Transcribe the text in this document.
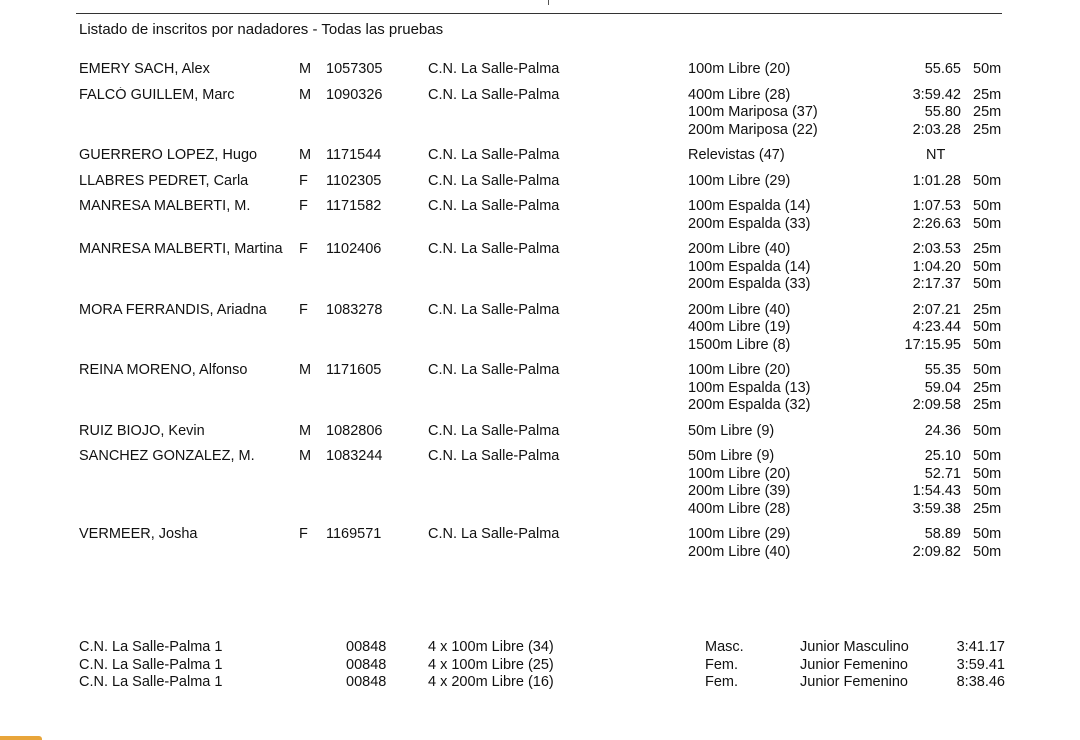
Listado de inscritos por nadadores - Todas las pruebas
EMERY SACH, Alex	M 1057305	C.N. La Salle-Palma	100m Libre (20)	55.65 50m
FALCÓ GUILLEM, Marc	M 1090326	C.N. La Salle-Palma	400m Libre (28)	3:59.42 25m
100m Mariposa (37)	55.80 25m
200m Mariposa (22)	2:03.28 25m
GUERRERO LOPEZ, Hugo	M 1171544	C.N. La Salle-Palma	Relevistas (47)	NT
LLABRES PEDRET, Carla	F 1102305	C.N. La Salle-Palma	100m Libre (29)	1:01.28 50m
MANRESA MALBERTI, M.	F 1171582	C.N. La Salle-Palma	100m Espalda (14)	1:07.53 50m
200m Espalda (33)	2:26.63 50m
MANRESA MALBERTI, Martina	F 1102406	C.N. La Salle-Palma	200m Libre (40)	2:03.53 25m
100m Espalda (14)	1:04.20 50m
200m Espalda (33)	2:17.37 50m
MORA FERRANDIS, Ariadna	F 1083278	C.N. La Salle-Palma	200m Libre (40)	2:07.21 25m
400m Libre (19)	4:23.44 50m
1500m Libre (8)	17:15.95 50m
REINA MORENO, Alfonso	M 1171605	C.N. La Salle-Palma	100m Libre (20)	55.35 50m
100m Espalda (13)	59.04 25m
200m Espalda (32)	2:09.58 25m
RUIZ BIOJO, Kevin	M 1082806	C.N. La Salle-Palma	50m Libre (9)	24.36 50m
SANCHEZ GONZALEZ, M.	M 1083244	C.N. La Salle-Palma	50m Libre (9)	25.10 50m
100m Libre (20)	52.71 50m
200m Libre (39)	1:54.43 50m
400m Libre (28)	3:59.38 25m
VERMEER, Josha	F 1169571	C.N. La Salle-Palma	100m Libre (29)	58.89 50m
200m Libre (40)	2:09.82 50m
C.N. La Salle-Palma 1	00848	4 x 100m Libre (34)	Masc.	Junior Masculino	3:41.17
C.N. La Salle-Palma 1	00848	4 x 100m Libre (25)	Fem.	Junior Femenino	3:59.41
C.N. La Salle-Palma 1	00848	4 x 200m Libre (16)	Fem.	Junior Femenino	8:38.46
